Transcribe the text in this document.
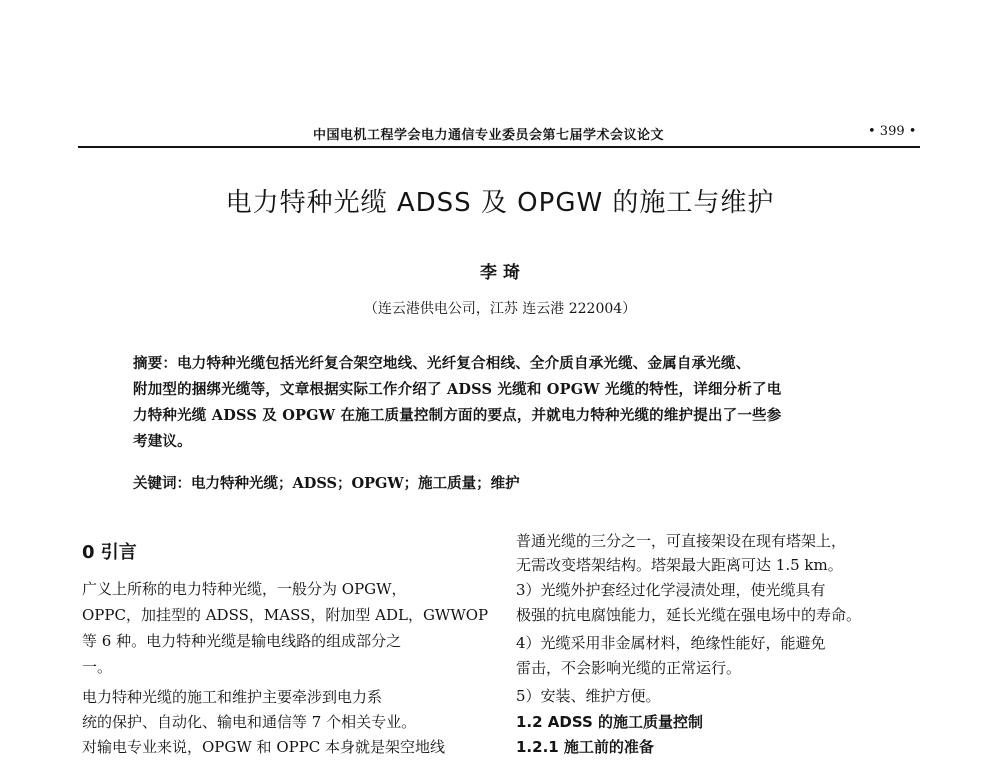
中国电机工程学会电力通信专业委员会第七届学术会议论文	• 399 •
电力特种光缆 ADSS 及 OPGW 的施工与维护
李 琦
（连云港供电公司，江苏 连云港 222004）
摘要：电力特种光缆包括光纤复合架空地线、光纤复合相线、全介质自承光缆、金属自承光缆、
附加型的捆绑光缆等，文章根据实际工作介绍了 ADSS 光缆和 OPGW 光缆的特性，详细分析了电
力特种光缆 ADSS 及 OPGW 在施工质量控制方面的要点，并就电力特种光缆的维护提出了一些参
考建议。
关键词：电力特种光缆；ADSS；OPGW；施工质量；维护
0 引言
广义上所称的电力特种光缆，一般分为 OPGW，
OPPC，加挂型的 ADSS，MASS，附加型 ADL，GWWOP
等 6 种。电力特种光缆是输电线路的组成部分之
一。
电力特种光缆的施工和维护主要牵涉到电力系
统的保护、自动化、输电和通信等 7 个相关专业。
对输电专业来说，OPGW 和 OPPC 本身就是架空地线
普通光缆的三分之一，可直接架设在现有塔架上，
无需改变塔架结构。塔架最大距离可达 1.5 km。
3）光缆外护套经过化学浸渍处理，使光缆具有
极强的抗电腐蚀能力，延长光缆在强电场中的寿命。
4）光缆采用非金属材料，绝缘性能好，能避免
雷击，不会影响光缆的正常运行。
5）安装、维护方便。
1.2 ADSS 的施工质量控制
1.2.1 施工前的准备
